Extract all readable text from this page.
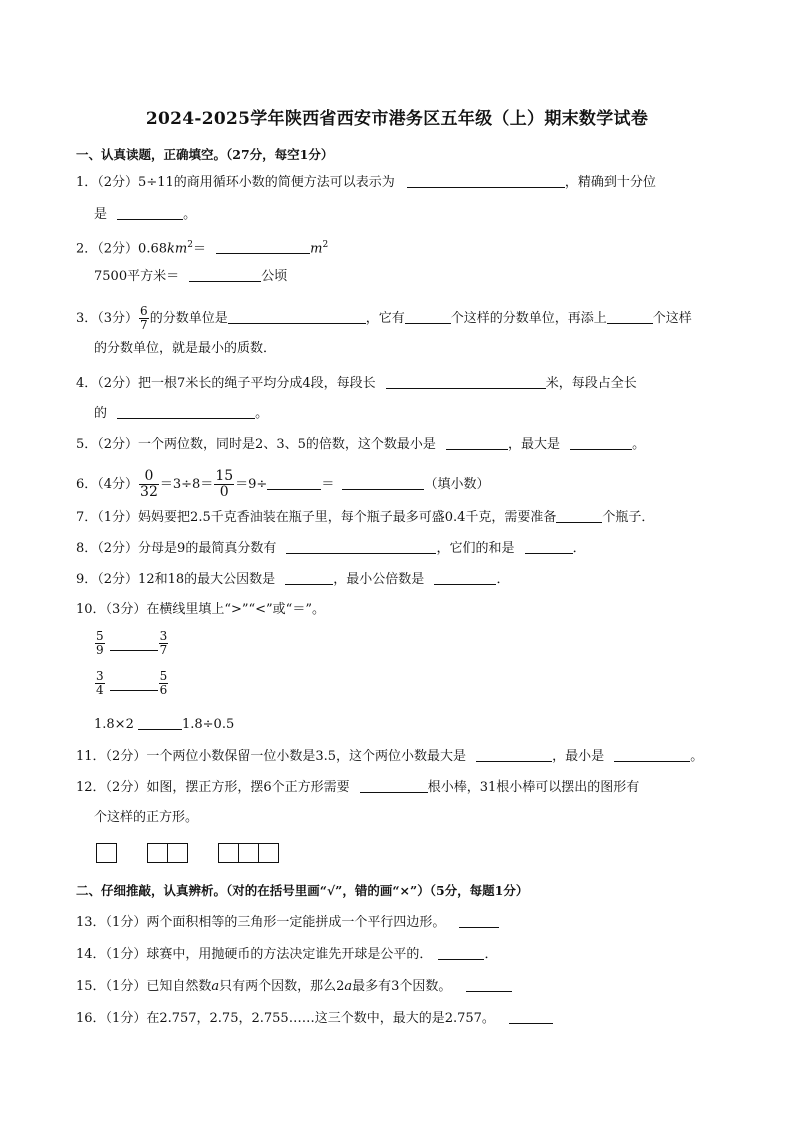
2024-2025学年陕西省西安市港务区五年级（上）期末数学试卷
一、认真读题，正确填空。（27分，每空1分）
1．（2分）5÷11的商用循环小数的简便方法可以表示为	，精确到十分位
是	。
2．（2分）$0.68km^2=$	$m^2$
7500平方米＝	公顷
3．（3分） $\frac{6}{7}$ 的分数单位是	，它有	个这样的分数单位，再添上	个这样
的分数单位，就是最小的质数．
4．（2分）把一根7米长的绳子平均分成4段，每段长	米，每段占全长
的	。
5．（2分）一个两位数，同时是2、3、5的倍数，这个数最小是	，最大是	。
6．（4分） $\frac{0}{32} =3\div 8= \frac{15}{0} =9\div$	＝	（填小数）
7．（1分）妈妈要把2.5千克香油装在瓶子里，每个瓶子最多可盛0.4千克，需要准备	个瓶子．
8．（2分）分母是9的最简真分数有	，它们的和是	．
9．（2分）12和18的最大公因数是	，最小公倍数是	．
10．（3分）在横线里填上“>”“<”或“＝”。
$\frac{5}{9}$	$\frac{3}{7}$
$\frac{3}{4}$	$\frac{5}{6}$
1.8×2	1.8÷0.5
11．（2分）一个两位小数保留一位小数是3.5，这个两位小数最大是	，最小是	。
12．（2分）如图，摆正方形，摆6个正方形需要	根小棒，31根小棒可以摆出的图形有
个这样的正方形。
二、仔细推敲，认真辨析。（对的在括号里画“√”，错的画“×”）（5分，每题1分）
13．（1分）两个面积相等的三角形一定能拼成一个平行四边形。
14．（1分）球赛中，用抛硬币的方法决定谁先开球是公平的．	．
15．（1分）已知自然数a只有两个因数，那么2a最多有3个因数。
16．（1分）在2.757，2.75，2.755……这三个数中，最大的是2.757。
